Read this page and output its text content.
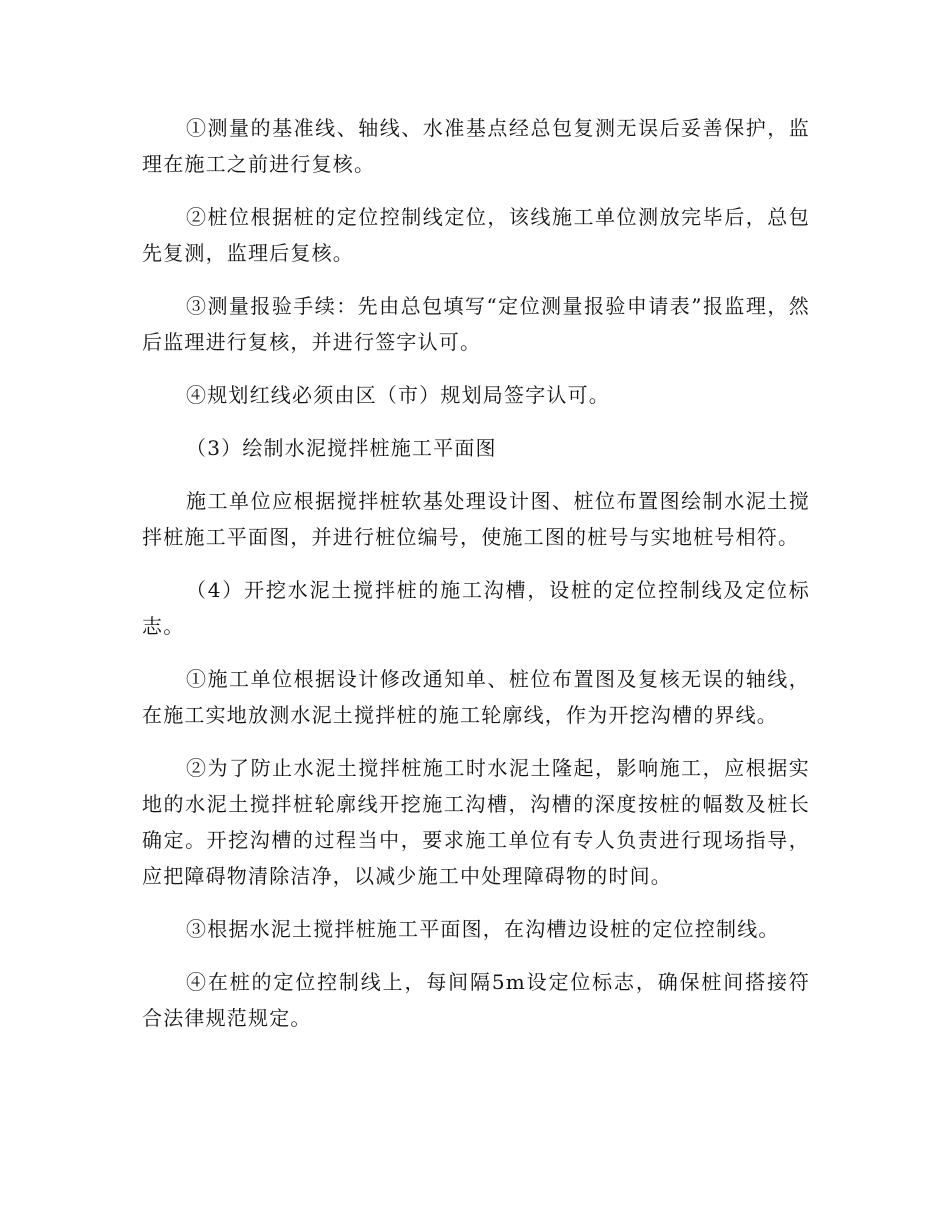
①测量的基准线、轴线、水准基点经总包复测无误后妥善保护，监理在施工之前进行复核。

②桩位根据桩的定位控制线定位，该线施工单位测放完毕后，总包先复测，监理后复核。

③测量报验手续：先由总包填写“定位测量报验申请表”报监理，然后监理进行复核，并进行签字认可。

④规划红线必须由区（市）规划局签字认可。

（3）绘制水泥搅拌桩施工平面图

施工单位应根据搅拌桩软基处理设计图、桩位布置图绘制水泥土搅拌桩施工平面图，并进行桩位编号，使施工图的桩号与实地桩号相符。

（4）开挖水泥土搅拌桩的施工沟槽，设桩的定位控制线及定位标志。

①施工单位根据设计修改通知单、桩位布置图及复核无误的轴线，在施工实地放测水泥土搅拌桩的施工轮廓线，作为开挖沟槽的界线。

②为了防止水泥土搅拌桩施工时水泥土隆起，影响施工，应根据实地的水泥土搅拌桩轮廓线开挖施工沟槽，沟槽的深度按桩的幅数及桩长确定。开挖沟槽的过程当中，要求施工单位有专人负责进行现场指导，应把障碍物清除洁净，以减少施工中处理障碍物的时间。

③根据水泥土搅拌桩施工平面图，在沟槽边设桩的定位控制线。

④在桩的定位控制线上，每间隔5m设定位标志，确保桩间搭接符合法律规范规定。
